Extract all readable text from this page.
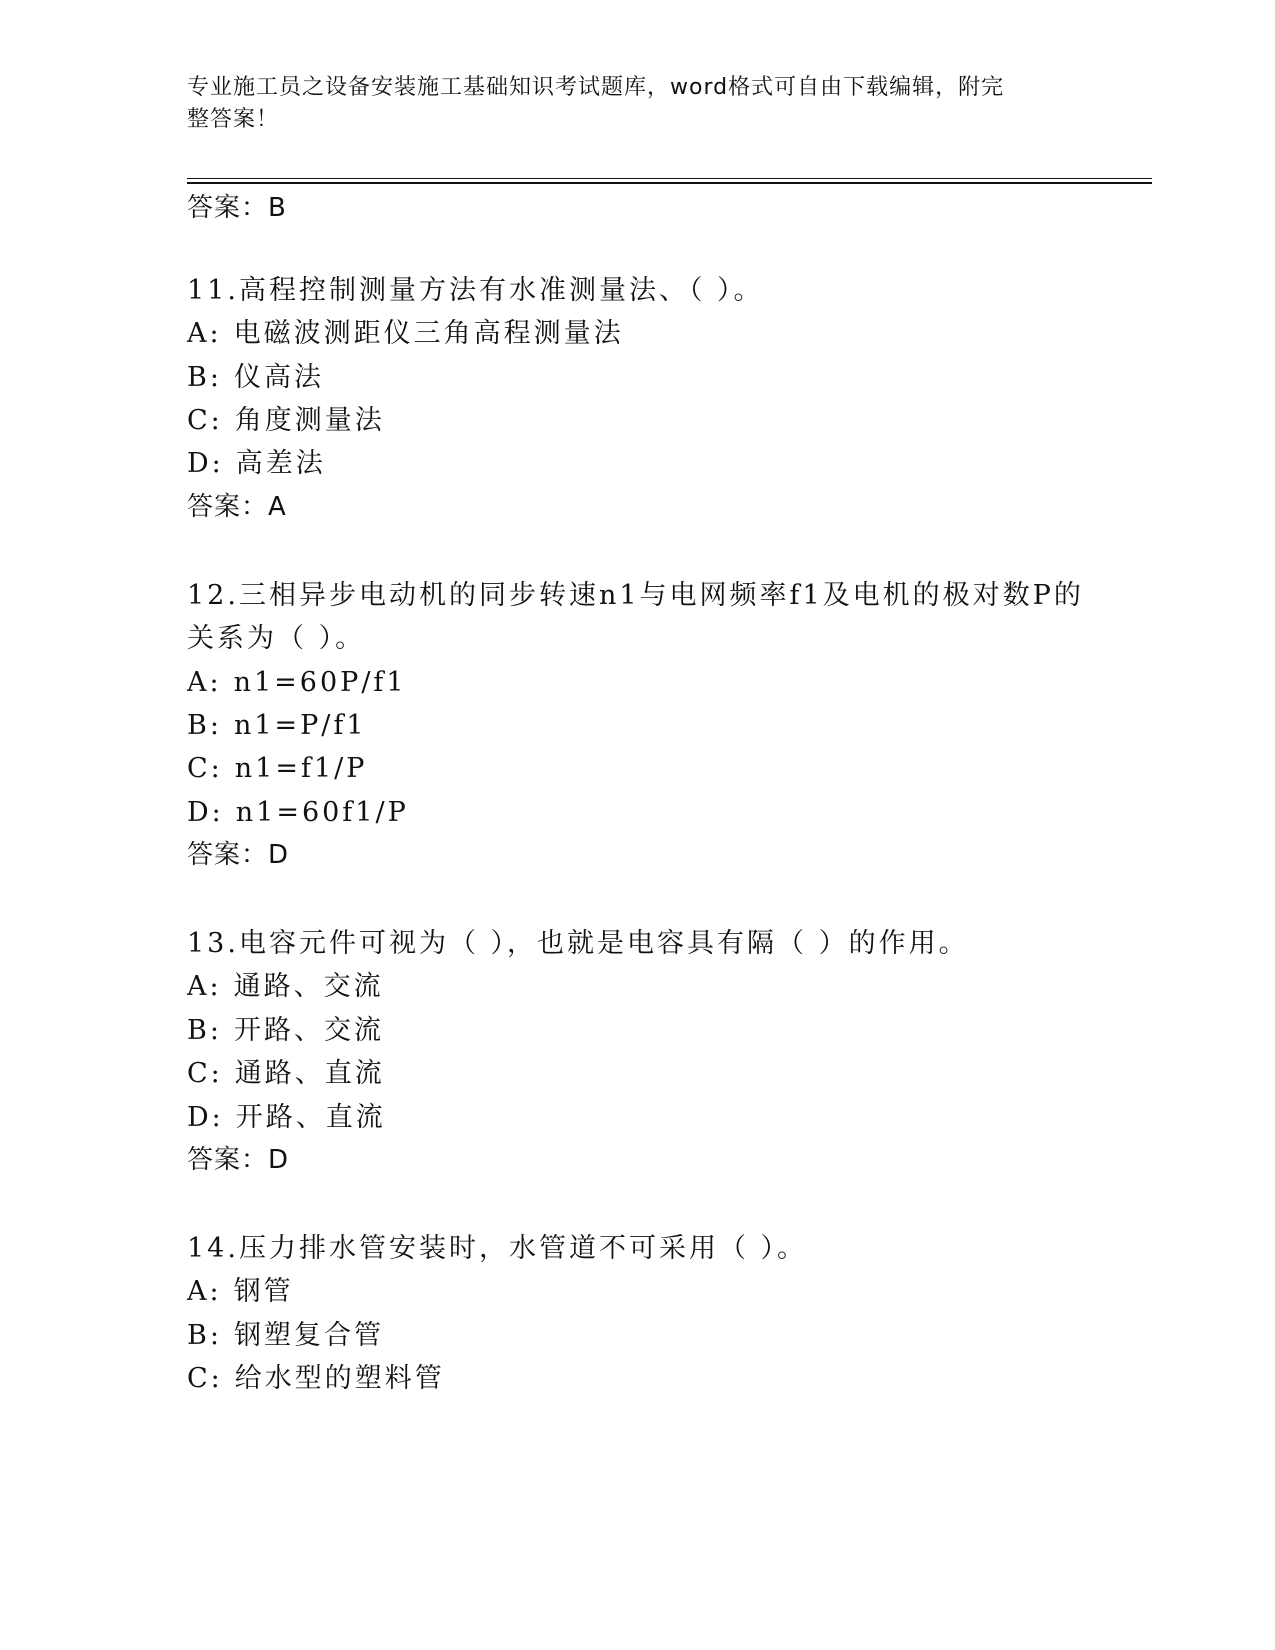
专业施工员之设备安装施工基础知识考试题库，word格式可自由下载编辑，附完
整答案！
答案：B
11.高程控制测量方法有水准测量法、（ ）。
A: 电磁波测距仪三角高程测量法
B: 仪高法
C: 角度测量法
D: 高差法
答案：A
12.三相异步电动机的同步转速n1与电网频率f1及电机的极对数P的
关系为（ ）。
A: n1=60P/f1
B: n1=P/f1
C: n1=f1/P
D: n1=60f1/P
答案：D
13.电容元件可视为（ ），也就是电容具有隔（ ）的作用。
A: 通路、交流
B: 开路、交流
C: 通路、直流
D: 开路、直流
答案：D
14.压力排水管安装时，水管道不可采用（ ）。
A: 钢管
B: 钢塑复合管
C: 给水型的塑料管
